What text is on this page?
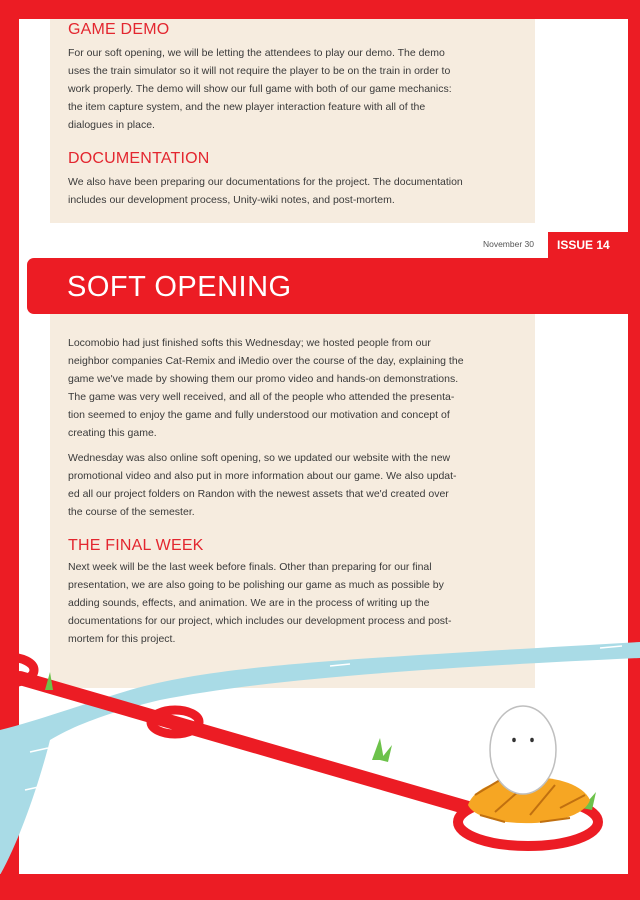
GAME DEMO

For our soft opening, we will be letting the attendees to play our demo. The demo
uses the train simulator so it will not require the player to be on the train in order to
work properly. The demo will show our full game with both of our game mechanics:
the item capture system, and the new player interaction feature with all of the
dialogues in place.

DOCUMENTATION

We also have been preparing our documentations for the project. The documentation
includes our development process, Unity-wiki notes, and post-mortem.

November 30	ISSUE 14
SOFT OPENING

Locomobio had just finished softs this Wednesday; we hosted people from our
neighbor companies Cat-Remix and iMedio over the course of the day, explaining the
game we've made by showing them our promo video and hands-on demonstrations.
The game was very well received, and all of the people who attended the presenta-
tion seemed to enjoy the game and fully understood our motivation and concept of
creating this game.

Wednesday was also online soft opening, so we updated our website with the new
promotional video and also put in more information about our game. We also updat-
ed all our project folders on Randon with the newest assets that we'd created over
the course of the semester.

THE FINAL WEEK

Next week will be the last week before finals. Other than preparing for our final
presentation, we are also going to be polishing our game as much as possible by
adding sounds, effects, and animation. We are in the process of writing up the
documentations for our project, which includes our development process and post-
mortem for this project.
